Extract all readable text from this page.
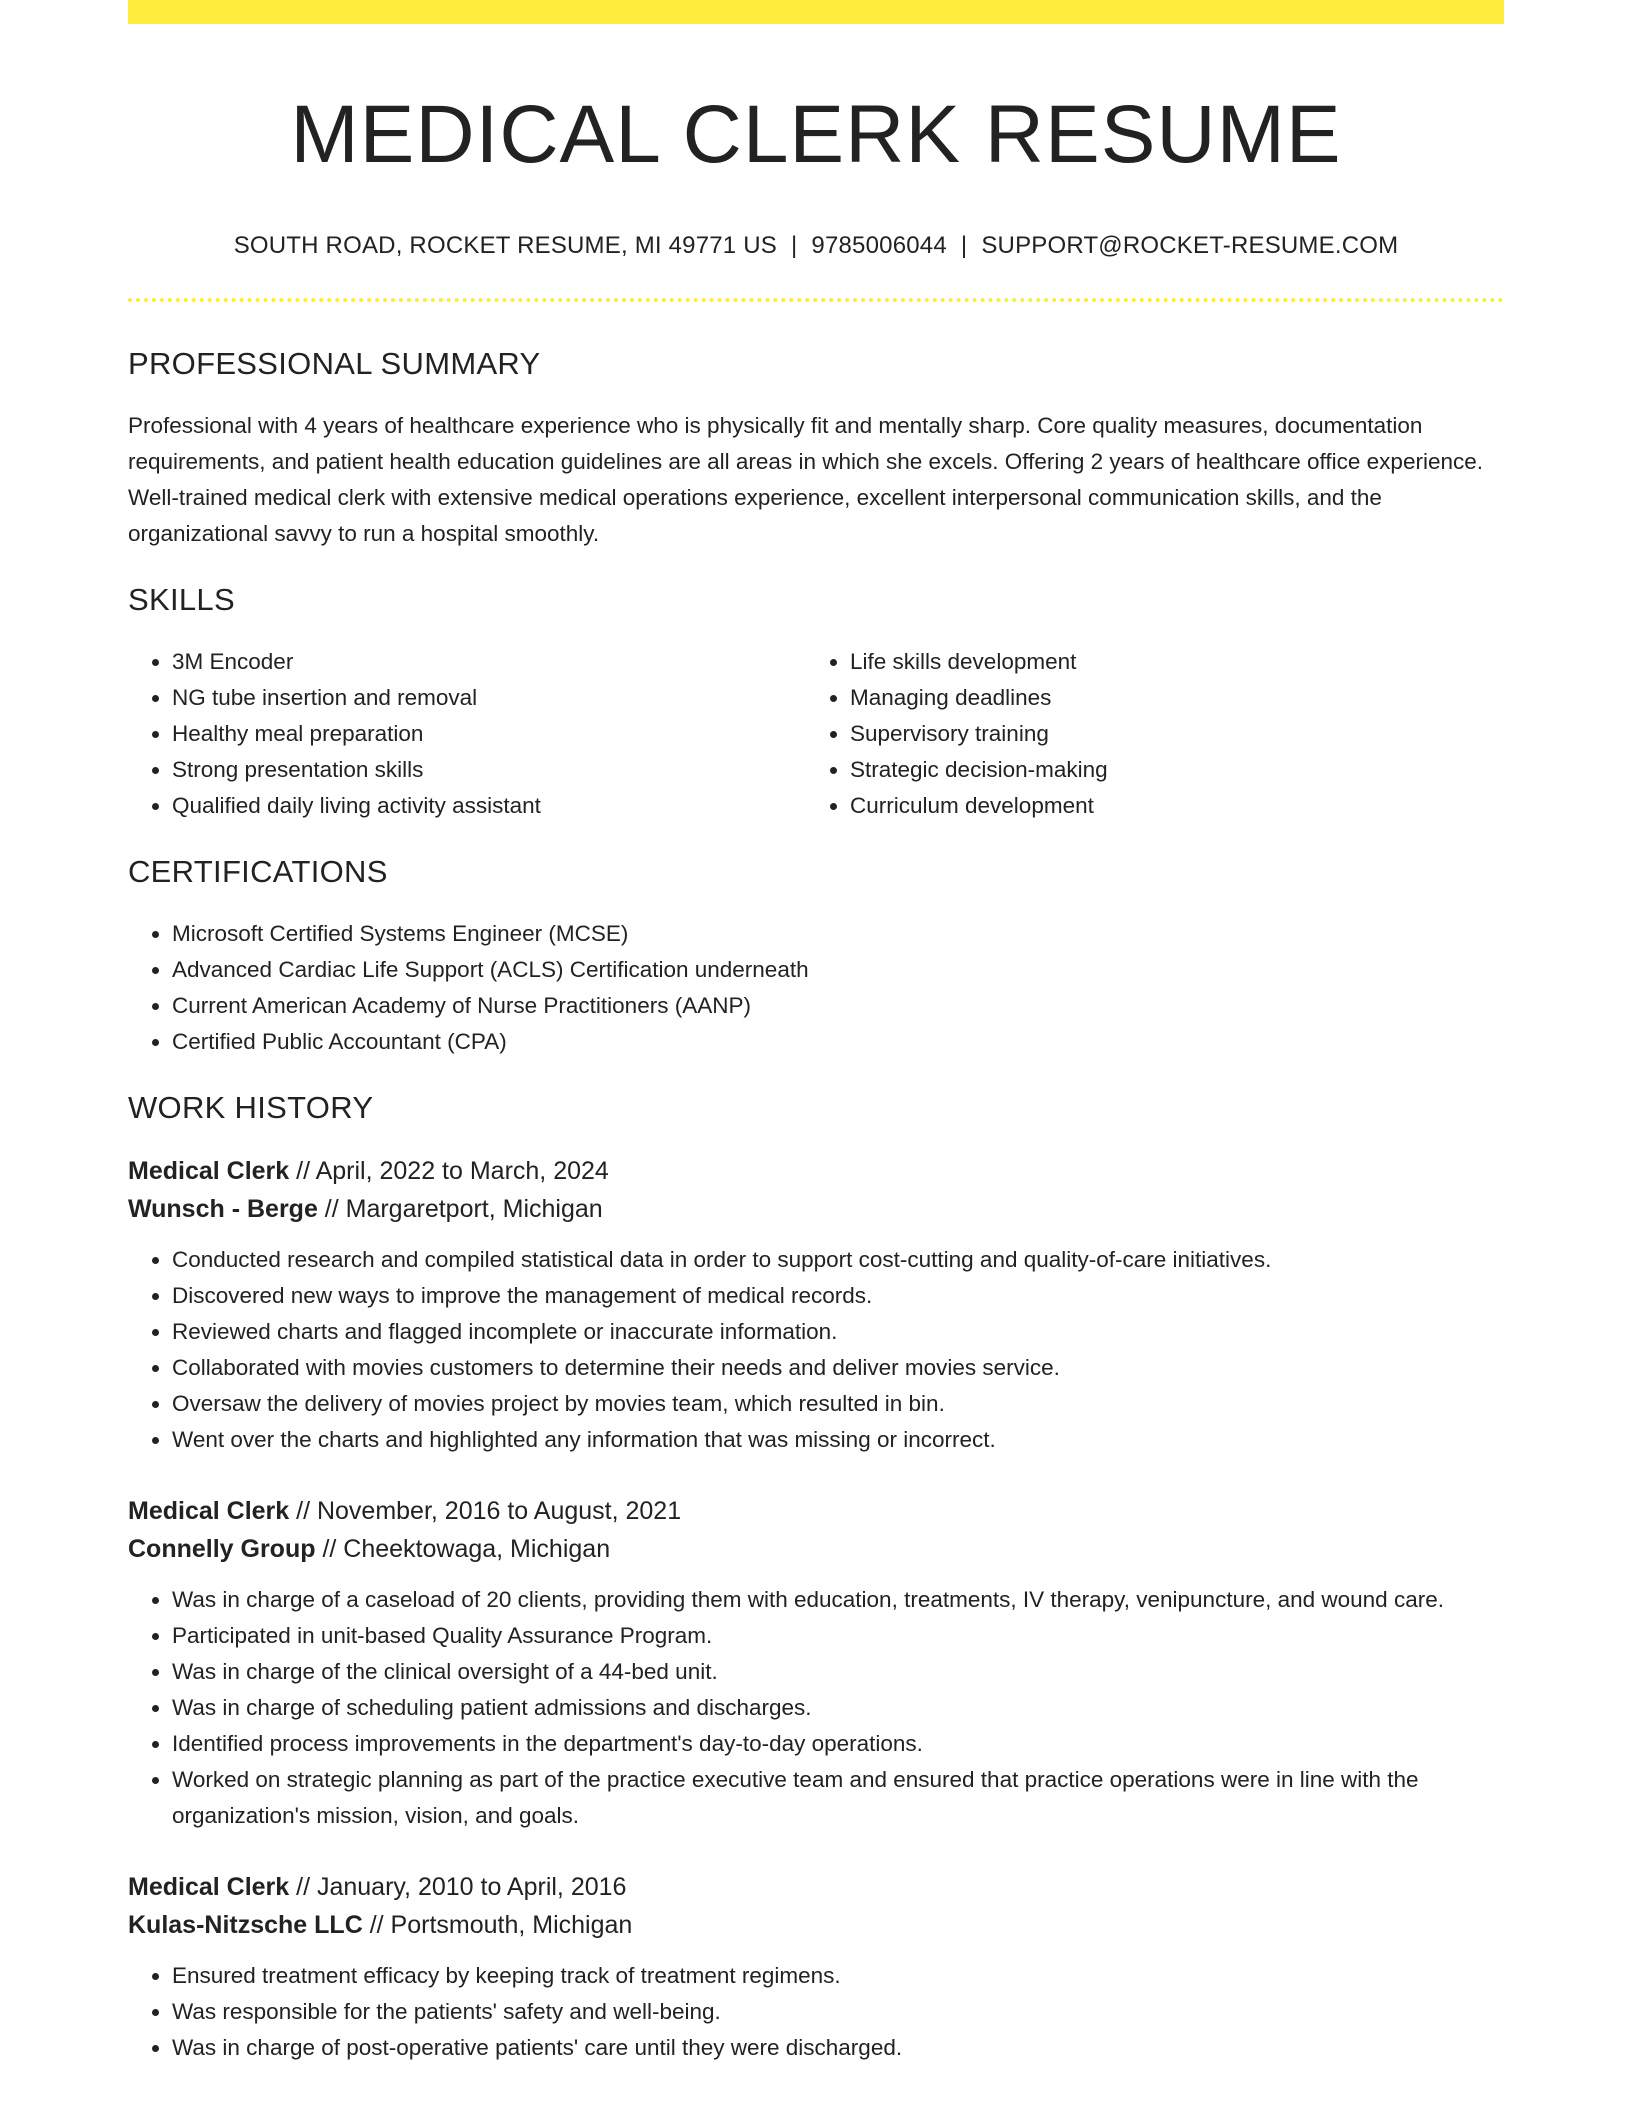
MEDICAL CLERK RESUME
SOUTH ROAD, ROCKET RESUME, MI 49771 US | 9785006044 | SUPPORT@ROCKET-RESUME.COM
PROFESSIONAL SUMMARY

Professional with 4 years of healthcare experience who is physically fit and mentally sharp. Core quality measures, documentation requirements, and patient health education guidelines are all areas in which she excels. Offering 2 years of healthcare office experience. Well-trained medical clerk with extensive medical operations experience, excellent interpersonal communication skills, and the organizational savvy to run a hospital smoothly.

SKILLS
• 3M Encoder
• NG tube insertion and removal
• Healthy meal preparation
• Strong presentation skills
• Qualified daily living activity assistant
• Life skills development
• Managing deadlines
• Supervisory training
• Strategic decision-making
• Curriculum development
CERTIFICATIONS
• Microsoft Certified Systems Engineer (MCSE)
• Advanced Cardiac Life Support (ACLS) Certification underneath
• Current American Academy of Nurse Practitioners (AANP)
• Certified Public Accountant (CPA)
WORK HISTORY
Medical Clerk // April, 2022 to March, 2024
Wunsch - Berge // Margaretport, Michigan
• Conducted research and compiled statistical data in order to support cost-cutting and quality-of-care initiatives.
• Discovered new ways to improve the management of medical records.
• Reviewed charts and flagged incomplete or inaccurate information.
• Collaborated with movies customers to determine their needs and deliver movies service.
• Oversaw the delivery of movies project by movies team, which resulted in bin.
• Went over the charts and highlighted any information that was missing or incorrect.
Medical Clerk // November, 2016 to August, 2021
Connelly Group // Cheektowaga, Michigan
• Was in charge of a caseload of 20 clients, providing them with education, treatments, IV therapy, venipuncture, and wound care.
• Participated in unit-based Quality Assurance Program.
• Was in charge of the clinical oversight of a 44-bed unit.
• Was in charge of scheduling patient admissions and discharges.
• Identified process improvements in the department's day-to-day operations.
• Worked on strategic planning as part of the practice executive team and ensured that practice operations were in line with the organization's mission, vision, and goals.
Medical Clerk // January, 2010 to April, 2016
Kulas-Nitzsche LLC // Portsmouth, Michigan
• Ensured treatment efficacy by keeping track of treatment regimens.
• Was responsible for the patients' safety and well-being.
• Was in charge of post-operative patients' care until they were discharged.
